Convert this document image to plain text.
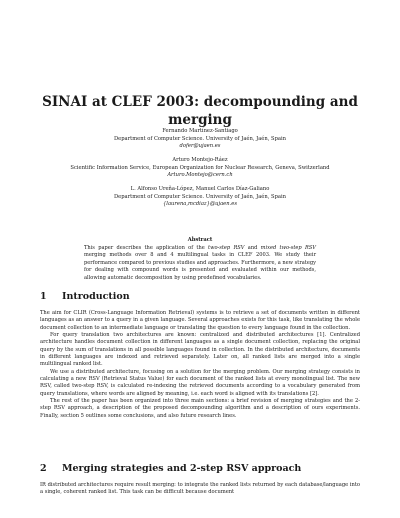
SINAI at CLEF 2003: decompounding and
merging
Fernando Martínez-Santiago
Department of Computer Science. University of Jaén, Jaén, Spain
dofer@ujaen.es
Arturo Montejo-Ráez
Scientific Information Service, European Organization for Nuclear Research, Geneva, Switzerland
Arturo.Montejo@cern.ch
L. Alfonso Ureña-López, Manuel Carlos Díaz-Galiano
Department of Computer Science. University of Jaén, Jaén, Spain
{laurena,mcdiaz}@ujaen.es
Abstract
This paper describes the application of the two-step RSV and mixed two-step RSV merging methods over 8 and 4 multilingual tasks in CLEF 2003. We study their performance compared to previous studies and approaches. Furthermore, a new strategy for dealing with compound words is presented and evaluated within our methods, allowing automatic decomposition by using predefined vocabularies.
1 Introduction

The aim for CLIR (Cross-Language Information Retrieval) systems is to retrieve a set of documents written in different languages as an answer to a query in a given language. Several approaches exists for this task, like translating the whole document collection to an intermediate language or translating the question to every language found in the collection.

For query translation two architectures are known: centralized and distributed architectures [1]. Centralized architecture handles document collection in different languages as a single document collection, replacing the original query by the sum of translations in all possible languages found in collection. In the distributed architecture, documents in different languages are indexed and retrieved separately. Later on, all ranked lists are merged into a single multilingual ranked list.

We use a distributed architecture, focusing on a solution for the merging problem. Our merging strategy consists in calculating a new RSV (Retrieval Status Value) for each document of the ranked lists at every monolingual list. The new RSV, called two-step RSV, is calculated re-indexing the retrieved documents according to a vocabulary generated from query translations, where words are aligned by meaning, i.e. each word is aligned with its translations [2].

The rest of the paper has been organized into three main sections: a brief revision of merging strategies and the 2-step RSV approach, a description of the proposed decompounding algorithm and a description of ours experiments. Finally, section 5 outlines some conclusions, and also future research lines.

2 Merging strategies and 2-step RSV approach

IR distributed architectures require result merging: to integrate the ranked lists returned by each database/language into a single, coherent ranked list. This task can be difficult because document
